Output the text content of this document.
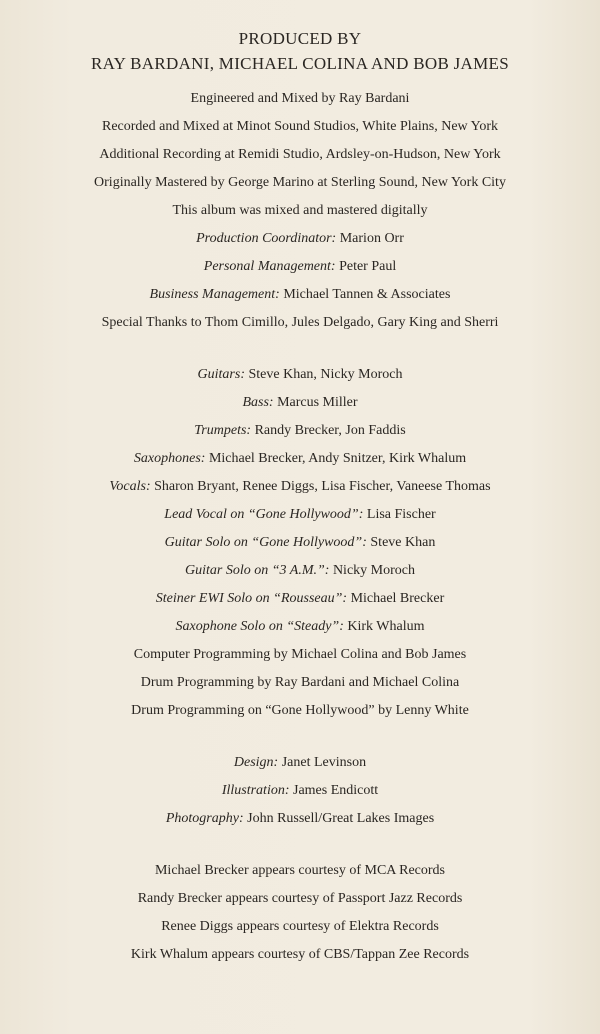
PRODUCED BY
RAY BARDANI, MICHAEL COLINA AND BOB JAMES
Engineered and Mixed by Ray Bardani
Recorded and Mixed at Minot Sound Studios, White Plains, New York
Additional Recording at Remidi Studio, Ardsley-on-Hudson, New York
Originally Mastered by George Marino at Sterling Sound, New York City
This album was mixed and mastered digitally
Production Coordinator: Marion Orr
Personal Management: Peter Paul
Business Management: Michael Tannen & Associates
Special Thanks to Thom Cimillo, Jules Delgado, Gary King and Sherri
Guitars: Steve Khan, Nicky Moroch
Bass: Marcus Miller
Trumpets: Randy Brecker, Jon Faddis
Saxophones: Michael Brecker, Andy Snitzer, Kirk Whalum
Vocals: Sharon Bryant, Renee Diggs, Lisa Fischer, Vaneese Thomas
Lead Vocal on “Gone Hollywood”: Lisa Fischer
Guitar Solo on “Gone Hollywood”: Steve Khan
Guitar Solo on “3 A.M.”: Nicky Moroch
Steiner EWI Solo on “Rousseau”: Michael Brecker
Saxophone Solo on “Steady”: Kirk Whalum
Computer Programming by Michael Colina and Bob James
Drum Programming by Ray Bardani and Michael Colina
Drum Programming on “Gone Hollywood” by Lenny White
Design: Janet Levinson
Illustration: James Endicott
Photography: John Russell/Great Lakes Images
Michael Brecker appears courtesy of MCA Records
Randy Brecker appears courtesy of Passport Jazz Records
Renee Diggs appears courtesy of Elektra Records
Kirk Whalum appears courtesy of CBS/Tappan Zee Records
